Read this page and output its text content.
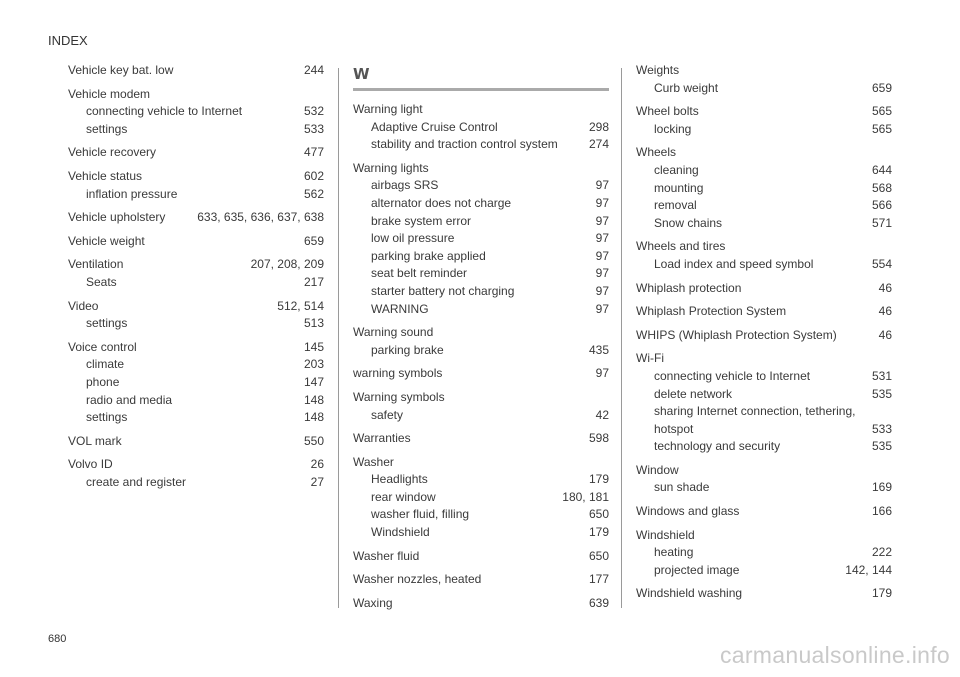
INDEX
Vehicle key bat. low	244
Vehicle modem
connecting vehicle to Internet	532
settings	533
Vehicle recovery	477
Vehicle status	602
inflation pressure	562
Vehicle upholstery	633, 635, 636, 637, 638
Vehicle weight	659
Ventilation	207, 208, 209
Seats	217
Video	512, 514
settings	513
Voice control	145
climate	203
phone	147
radio and media	148
settings	148
VOL mark	550
Volvo ID	26
create and register	27
W
Warning light
Adaptive Cruise Control	298
stability and traction control system	274
Warning lights
airbags SRS	97
alternator does not charge	97
brake system error	97
low oil pressure	97
parking brake applied	97
seat belt reminder	97
starter battery not charging	97
WARNING	97
Warning sound
parking brake	435
warning symbols	97
Warning symbols
safety	42
Warranties	598
Washer
Headlights	179
rear window	180, 181
washer fluid, filling	650
Windshield	179
Washer fluid	650
Washer nozzles, heated	177
Waxing	639
Weights
Curb weight	659
Wheel bolts	565
locking	565
Wheels
cleaning	644
mounting	568
removal	566
Snow chains	571
Wheels and tires
Load index and speed symbol	554
Whiplash protection	46
Whiplash Protection System	46
WHIPS (Whiplash Protection System)	46
Wi-Fi
connecting vehicle to Internet	531
delete network	535
sharing Internet connection, tethering,
hotspot	533
technology and security	535
Window
sun shade	169
Windows and glass	166
Windshield
heating	222
projected image	142, 144
Windshield washing	179
680
carmanualsonline.info
